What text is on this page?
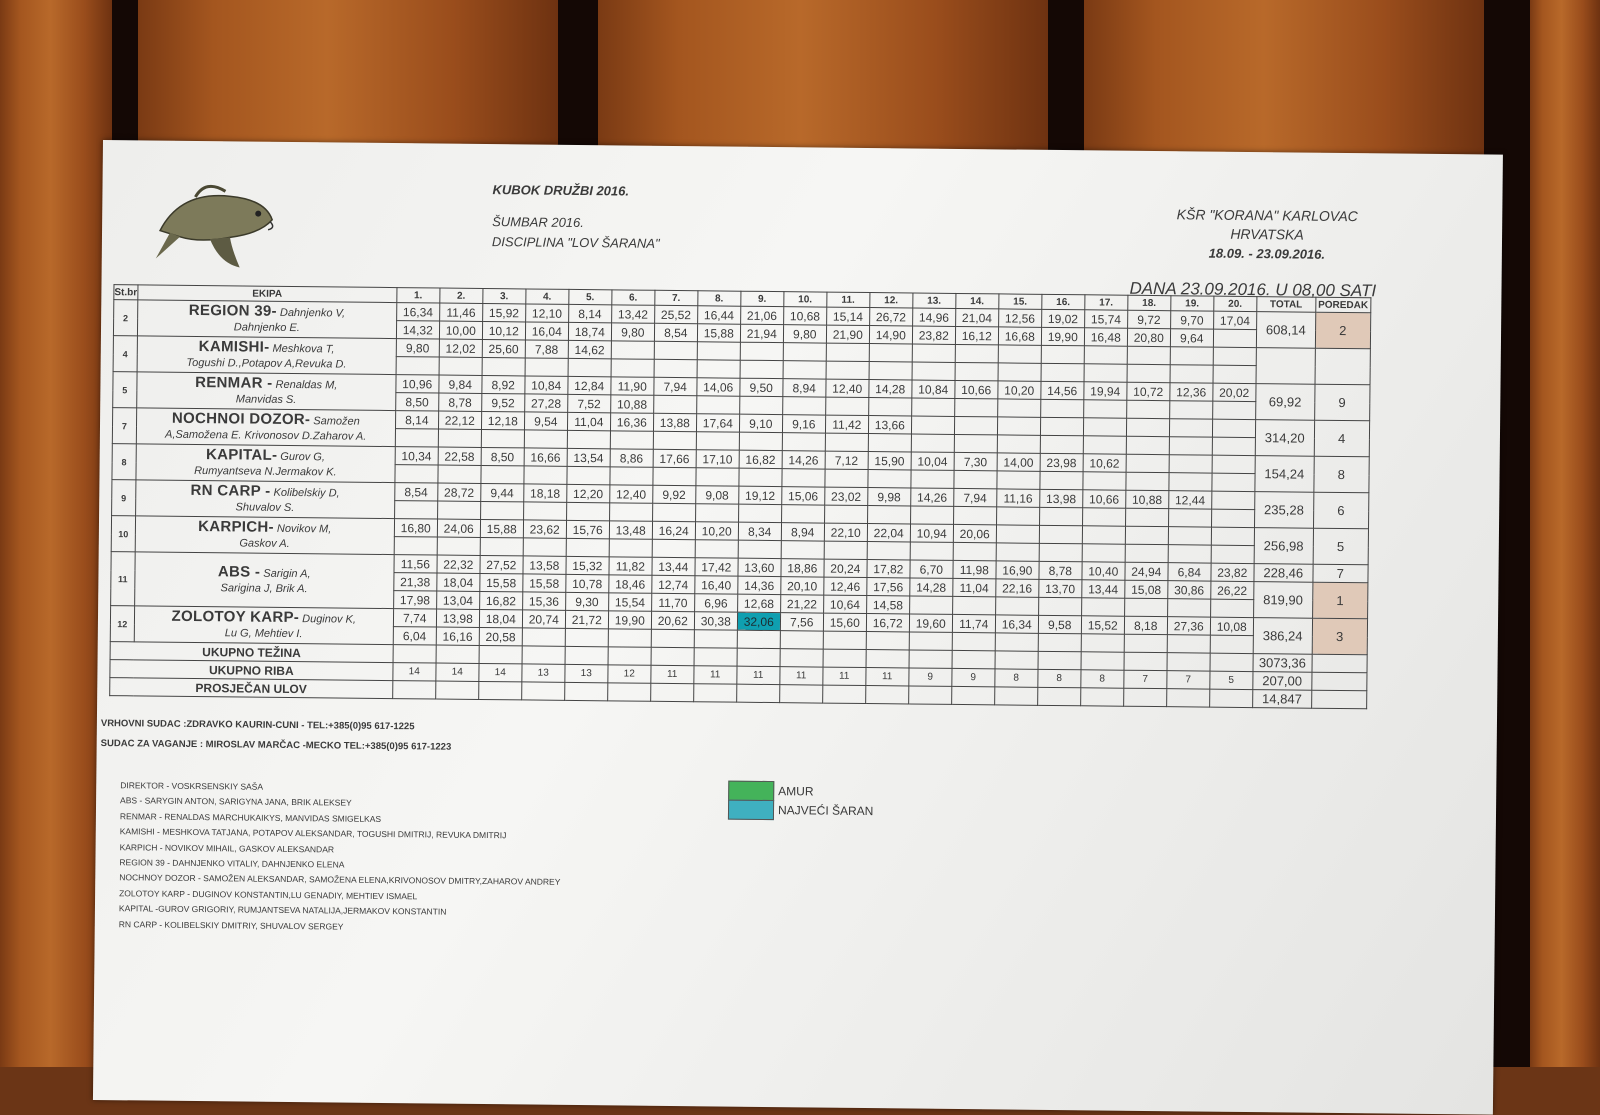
KUBOK DRUŽBI 2016.
ŠUMBAR 2016.
DISCIPLINA "LOV ŠARANA"
KŠR "KORANA" KARLOVAC
HRVATSKA
18.09. - 23.09.2016.
DANA 23.09.2016. U 08,00 SATI
St.br	EKIPA	1.	2.	3.	4.	5.	6.	7.	8.	9.	10.	11.	12.	13.	14.	15.	16.	17.	18.	19.	20.	TOTAL	POREDAK
2	REGION 39- Dahnjenko V,
Dahnjenko E.	16,34	11,46	15,92	12,10	8,14	13,42	25,52	16,44	21,06	10,68	15,14	26,72	14,96	21,04	12,56	19,02	15,74	9,72	9,70	17,04	608,14	2
		14,32	10,00	10,12	16,04	18,74	9,80	8,54	15,88	21,94	9,80	21,90	14,90	23,82	16,12	16,68	19,90	16,48	20,80	9,64			
4	KAMISHI- Meshkova T,
Togushi D.,Potapov A,Revuka D.	9,80	12,02	25,60	7,88	14,62																	

5	RENMAR - Renaldas M,
Manvidas S.	10,96	9,84	8,92	10,84	12,84	11,90	7,94	14,06	9,50	8,94	12,40	14,28	10,84	10,66	10,20	14,56	19,94	10,72	12,36	20,02	69,92	9
		8,50	8,78	9,52	27,28	7,52	10,88																
7	NOCHNOI DOZOR- Samožen
A,Samožena E. Krivonosov D.Zaharov A.	8,14	22,12	12,18	9,54	11,04	16,36	13,88	17,64	9,10	9,16	11,42	13,66									314,20	4

8	KAPITAL- Gurov G,
Rumyantseva N.Jermakov K.	10,34	22,58	8,50	16,66	13,54	8,86	17,66	17,10	16,82	14,26	7,12	15,90	10,04	7,30	14,00	23,98	10,62				154,24	8

9	RN CARP - Kolibelskiy D,
Shuvalov S.	8,54	28,72	9,44	18,18	12,20	12,40	9,92	9,08	19,12	15,06	23,02	9,98	14,26	7,94	11,16	13,98	10,66	10,88	12,44		235,28	6

10	KARPICH- Novikov M,
Gaskov A.	16,80	24,06	15,88	23,62	15,76	13,48	16,24	10,20	8,34	8,94	22,10	22,04	10,94	20,06							256,98	5

11	ABS - Sarigin A,
Sarigina J, Brik A.	11,56	22,32	27,52	13,58	15,32	11,82	13,44	17,42	13,60	18,86	20,24	17,82	6,70	11,98	16,90	8,78	10,40	24,94	6,84	23,82	228,46	7
		21,38	18,04	15,58	15,58	10,78	18,46	12,74	16,40	14,36	20,10	12,46	17,56	14,28	11,04	22,16	13,70	13,44	15,08	30,86	26,22	819,90	1
		17,98	13,04	16,82	15,36	9,30	15,54	11,70	6,96	12,68	21,22	10,64	14,58										
12	ZOLOTOY KARP- Duginov K,
Lu G, Mehtiev I.	7,74	13,98	18,04	20,74	21,72	19,90	20,62	30,38	32,06	7,56	15,60	16,72	19,60	11,74	16,34	9,58	15,52	8,18	27,36	10,08	386,24	3
		6,04	16,16	20,58																			
UKUPNO TEŽINA																						3073,36	
UKUPNO RIBA		14	14	14	13	13	12	11	11	11	11	11	11	9	9	8	8	8	7	7	5	207,00	
PROSJEČAN ULOV																						14,847	
VRHOVNI SUDAC :ZDRAVKO KAURIN-CUNI - TEL:+385(0)95 617-1225
SUDAC ZA VAGANJE : MIROSLAV MARČAC -MECKO TEL:+385(0)95 617-1223
DIREKTOR - VOSKRSENSKIY SAŠA
ABS - SARYGIN ANTON, SARIGYNA JANA, BRIK ALEKSEY
RENMAR - RENALDAS MARCHUKAIKYS, MANVIDAS SMIGELKAS
KAMISHI - MESHKOVA TATJANA, POTAPOV ALEKSANDAR, TOGUSHI DMITRIJ, REVUKA DMITRIJ
KARPICH - NOVIKOV MIHAIL, GASKOV ALEKSANDAR
REGION 39 - DAHNJENKO VITALIY, DAHNJENKO ELENA
NOCHNOY DOZOR - SAMOŽEN ALEKSANDAR, SAMOŽENA ELENA,KRIVONOSOV DMITRY,ZAHAROV ANDREY
ZOLOTOY KARP - DUGINOV KONSTANTIN,LU GENADIY, MEHTIEV ISMAEL
KAPITAL -GUROV GRIGORIY, RUMJANTSEVA NATALIJA,JERMAKOV KONSTANTIN
RN CARP - KOLIBELSKIY DMITRIY, SHUVALOV SERGEY
AMUR
NAJVEĆI ŠARAN
